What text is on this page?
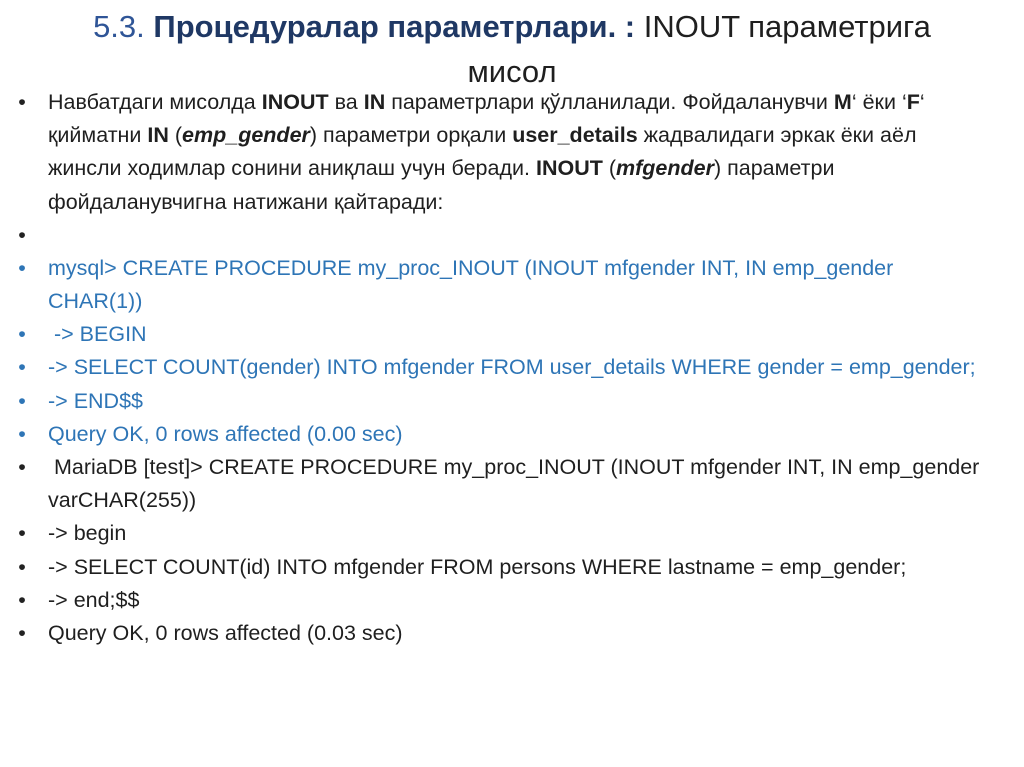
5.3. Процедуралар параметрлари. : INOUT параметрига
мисол
• Навбатдаги мисолда INOUT ва IN параметрлари қўлланилади. Фойдаланувчи M‘ ёки ‘F‘ қийматни IN (emp_gender) параметри орқали user_details жадвалидаги эркак ёки аёл жинсли ходимлар сонини аниқлаш учун беради. INOUT (mfgender) параметри фойдаланувчигна натижани қайтаради:
•
• mysql> CREATE PROCEDURE my_proc_INOUT (INOUT mfgender INT, IN emp_gender CHAR(1))
• -> BEGIN
• -> SELECT COUNT(gender) INTO mfgender FROM user_details WHERE gender = emp_gender;
• -> END$$
• Query OK, 0 rows affected (0.00 sec)
• MariaDB [test]> CREATE PROCEDURE my_proc_INOUT (INOUT mfgender INT, IN emp_gender varCHAR(255))
• -> begin
• -> SELECT COUNT(id) INTO mfgender FROM persons WHERE lastname = emp_gender;
• -> end;$$
• Query OK, 0 rows affected (0.03 sec)
